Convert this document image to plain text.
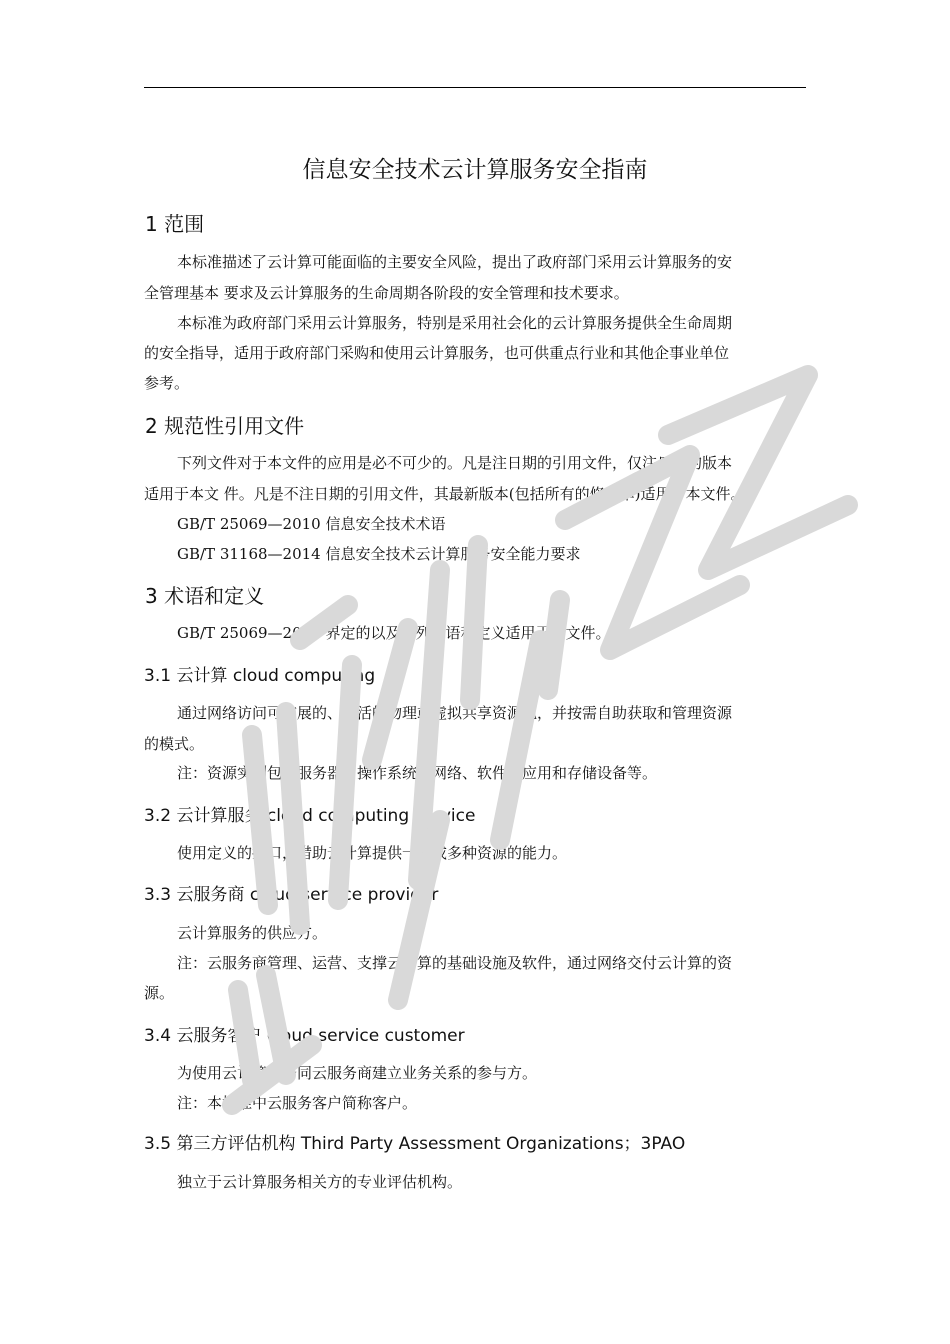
信息安全技术云计算服务安全指南
1 范围

本标准描述了云计算可能面临的主要安全风险，提出了政府部门采用云计算服务的安

全管理基本 要求及云计算服务的生命周期各阶段的安全管理和技术要求。

本标准为政府部门采用云计算服务，特别是采用社会化的云计算服务提供全生命周期

的安全指导，适用于政府部门采购和使用云计算服务，也可供重点行业和其他企事业单位

参考。

2 规范性引用文件

下列文件对于本文件的应用是必不可少的。凡是注日期的引用文件，仅注日期的版本

适用于本文 件。凡是不注日期的引用文件，其最新版本(包括所有的修改单)适用于本文件。

GB/T 25069—2010 信息安全技术术语

GB/T 31168—2014 信息安全技术云计算服务安全能力要求

3 术语和定义

GB/T 25069—2010 界定的以及下列术语和定义适用于本文件。

3.1 云计算 cloud computing

通过网络访问可扩展的、灵活的物理或虚拟共享资源池，并按需自助获取和管理资源

的模式。

注：资源实例包括服务器、操作系统、网络、软件、应用和存储设备等。

3.2 云计算服务 cloud computing service

使用定义的接口，借助云计算提供一种或多种资源的能力。

3.3 云服务商 cloud service provider

云计算服务的供应方。

注：云服务商管理、运营、支撑云计算的基础设施及软件，通过网络交付云计算的资

源。

3.4 云服务客户 cloud service customer

为使用云计算服务同云服务商建立业务关系的参与方。

注：本标准中云服务客户简称客户。

3.5 第三方评估机构 Third Party Assessment Organizations；3PAO

独立于云计算服务相关方的专业评估机构。
